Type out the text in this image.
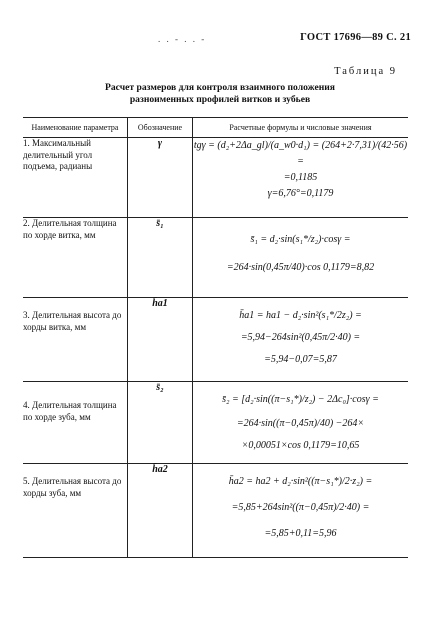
. . - . . -	ГОСТ 17696—89 С. 21
Таблица 9
Расчет размеров для контроля взаимного положения
разноименных профилей витков и зубьев
Наименование параметра	Обозначение	Расчетные формулы и числовые значения
1. Максимальный делительный угол подъема, радианы	γ	tgγ = (d₂+2Δa_gl)/(a_w0·d₁) = (264+2·7,31)/(42·56) =
=0,1185
γ=6,76°=0,1179

2. Делительная толщина по хорде витка, мм	s̄₁	s̄₁ = d₂·sin(s₁*/z₂)·cosγ =
=264·sin(0,45π/40)·cos 0,1179=8,82

3. Делительная высота до хорды витка, мм	h̄a1	h̄a1 = ha1 − d₂·sin²(s₁*/2z₂) =
=5,94−264sin²(0,45π/2·40) =
=5,94−0,07=5,87

4. Делительная толщина по хорде зуба, мм	s̄₂	s̄₂ = [d₂·sin((π−s₁*)/z₂) − 2Δc₀]·cosγ =
=264·sin((π−0,45π)/40) −264×
×0,00051×cos 0,1179=10,65

5. Делительная высота до хорды зуба, мм	h̄a2	h̄a2 = ha2 + d₂·sin²((π−s₁*)/2·z₂) =
=5,85+264sin²((π−0,45π)/2·40) =
=5,85+0,11=5,96
